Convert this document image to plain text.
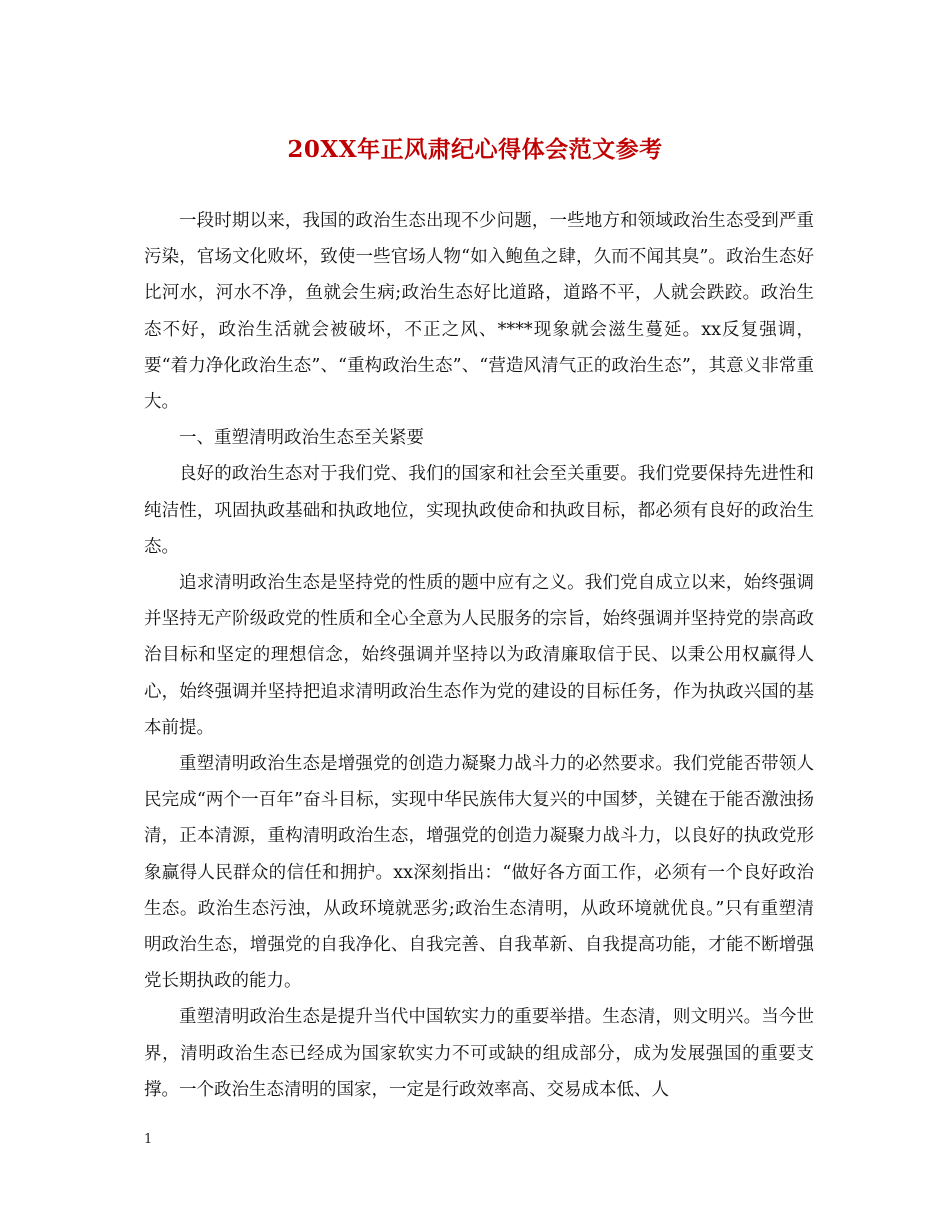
20XX年正风肃纪心得体会范文参考

一段时期以来，我国的政治生态出现不少问题，一些地方和领域政治生态受到严重污染，官场文化败坏，致使一些官场人物“如入鲍鱼之肆，久而不闻其臭”。政治生态好比河水，河水不净，鱼就会生病;政治生态好比道路，道路不平，人就会跌跤。政治生态不好，政治生活就会被破坏，不正之风、****现象就会滋生蔓延。xx反复强调，要“着力净化政治生态”、“重构政治生态”、“营造风清气正的政治生态”，其意义非常重大。

一、重塑清明政治生态至关紧要

良好的政治生态对于我们党、我们的国家和社会至关重要。我们党要保持先进性和纯洁性，巩固执政基础和执政地位，实现执政使命和执政目标，都必须有良好的政治生态。

追求清明政治生态是坚持党的性质的题中应有之义。我们党自成立以来，始终强调并坚持无产阶级政党的性质和全心全意为人民服务的宗旨，始终强调并坚持党的崇高政治目标和坚定的理想信念，始终强调并坚持以为政清廉取信于民、以秉公用权赢得人心，始终强调并坚持把追求清明政治生态作为党的建设的目标任务，作为执政兴国的基本前提。

重塑清明政治生态是增强党的创造力凝聚力战斗力的必然要求。我们党能否带领人民完成“两个一百年”奋斗目标，实现中华民族伟大复兴的中国梦，关键在于能否激浊扬清，正本清源，重构清明政治生态，增强党的创造力凝聚力战斗力，以良好的执政党形象赢得人民群众的信任和拥护。xx深刻指出：“做好各方面工作，必须有一个良好政治生态。政治生态污浊，从政环境就恶劣;政治生态清明，从政环境就优良。”只有重塑清明政治生态，增强党的自我净化、自我完善、自我革新、自我提高功能，才能不断增强党长期执政的能力。

重塑清明政治生态是提升当代中国软实力的重要举措。生态清，则文明兴。当今世界，清明政治生态已经成为国家软实力不可或缺的组成部分，成为发展强国的重要支撑。一个政治生态清明的国家，一定是行政效率高、交易成本低、人

1
